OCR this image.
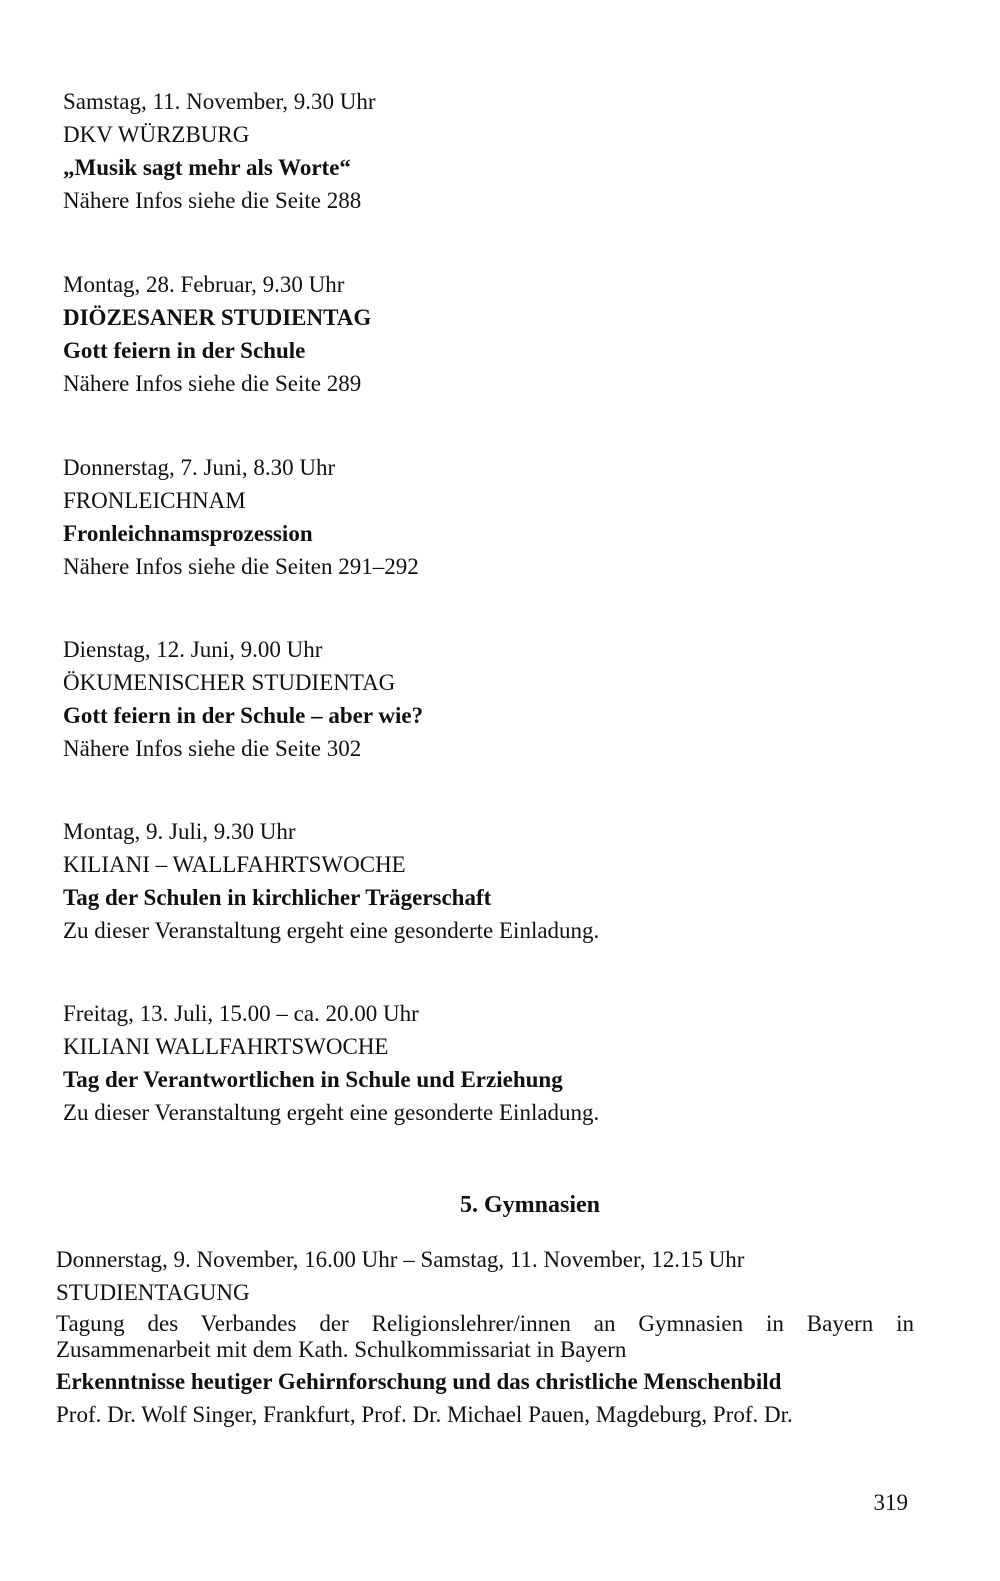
Samstag, 11. November, 9.30 Uhr
DKV WÜRZBURG
„Musik sagt mehr als Worte“
Nähere Infos siehe die Seite 288
Montag, 28. Februar, 9.30 Uhr
DIÖZESANER STUDIENTAG
Gott feiern in der Schule
Nähere Infos siehe die Seite 289
Donnerstag, 7. Juni, 8.30 Uhr
FRONLEICHNAM
Fronleichnamsprozession
Nähere Infos siehe die Seiten 291–292
Dienstag, 12. Juni, 9.00 Uhr
ÖKUMENISCHER STUDIENTAG
Gott feiern in der Schule – aber wie?
Nähere Infos siehe die Seite 302
Montag, 9. Juli, 9.30 Uhr
KILIANI – WALLFAHRTSWOCHE
Tag der Schulen in kirchlicher Trägerschaft
Zu dieser Veranstaltung ergeht eine gesonderte Einladung.
Freitag, 13. Juli, 15.00 – ca. 20.00 Uhr
KILIANI WALLFAHRTSWOCHE
Tag der Verantwortlichen in Schule und Erziehung
Zu dieser Veranstaltung ergeht eine gesonderte Einladung.
5. Gymnasien
Donnerstag, 9. November, 16.00 Uhr – Samstag, 11. November, 12.15 Uhr
STUDIENTAGUNG
Tagung des Verbandes der Religionslehrer/innen an Gymnasien in Bayern in Zusammenarbeit mit dem Kath. Schulkommissariat in Bayern
Erkenntnisse heutiger Gehirnforschung und das christliche Menschenbild
Prof. Dr. Wolf Singer, Frankfurt, Prof. Dr. Michael Pauen, Magdeburg, Prof. Dr.
319
